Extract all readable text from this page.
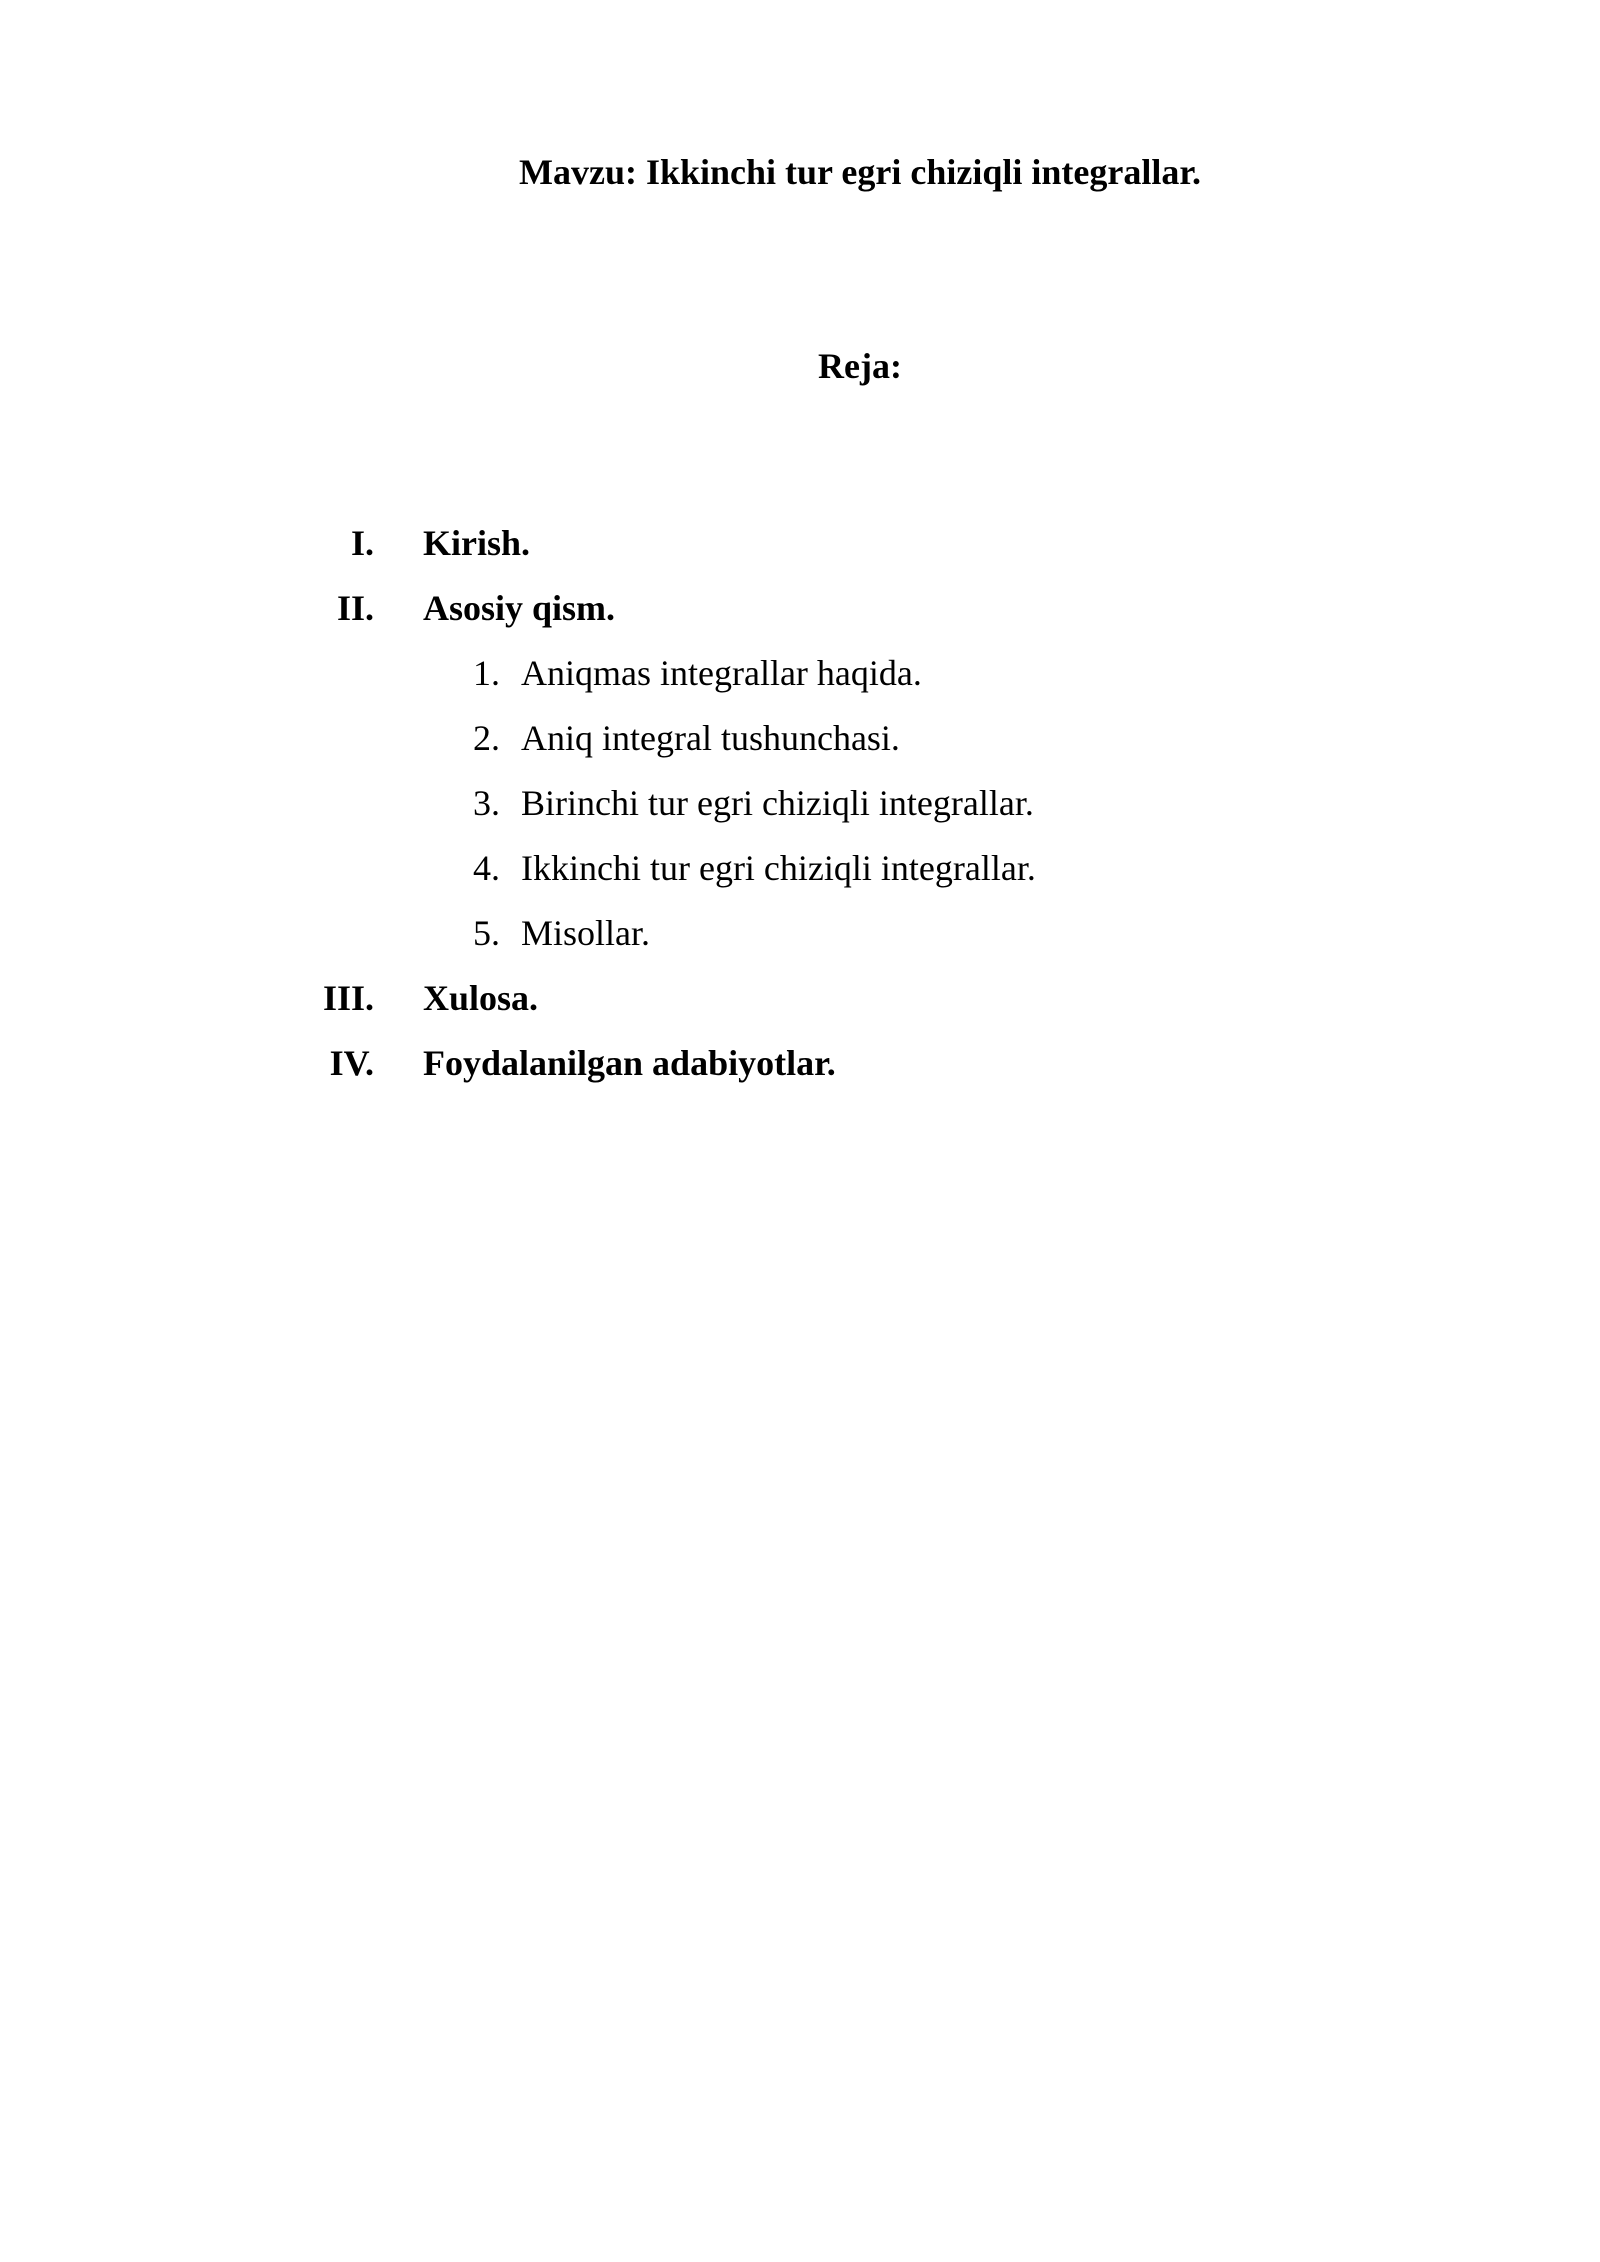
Mavzu: Ikkinchi tur egri chiziqli integrallar.
Reja:
I. Kirish.
II. Asosiy qism.
1. Aniqmas integrallar haqida.
2. Aniq integral tushunchasi.
3. Birinchi tur egri chiziqli integrallar.
4. Ikkinchi tur egri chiziqli integrallar.
5. Misollar.
III. Xulosa.
IV. Foydalanilgan adabiyotlar.
